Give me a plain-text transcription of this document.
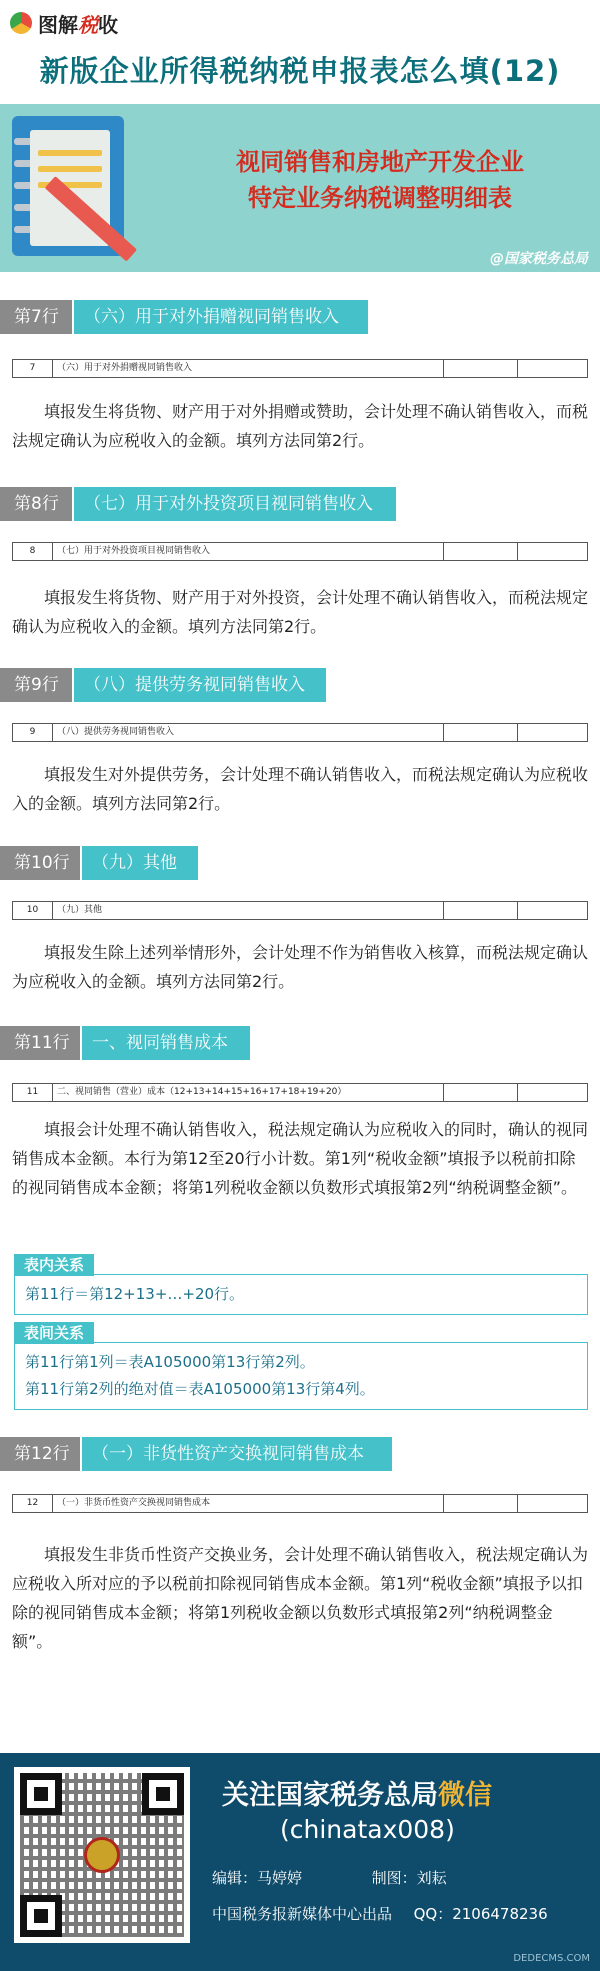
图解税收
新版企业所得税纳税申报表怎么填(12)
视同销售和房地产开发企业
特定业务纳税调整明细表
@国家税务总局
第7行	（六）用于对外捐赠视同销售收入
7	（六）用于对外捐赠视同销售收入
填报发生将货物、财产用于对外捐赠或赞助，会计处理不确认销售收入，而税法规定确认为应税收入的金额。填列方法同第2行。
第8行	（七）用于对外投资项目视同销售收入
8	（七）用于对外投资项目视同销售收入
填报发生将货物、财产用于对外投资，会计处理不确认销售收入，而税法规定确认为应税收入的金额。填列方法同第2行。
第9行	（八）提供劳务视同销售收入
9	（八）提供劳务视同销售收入
填报发生对外提供劳务，会计处理不确认销售收入，而税法规定确认为应税收入的金额。填列方法同第2行。
第10行	（九）其他
10	（九）其他
填报发生除上述列举情形外，会计处理不作为销售收入核算，而税法规定确认为应税收入的金额。填列方法同第2行。
第11行	一、视同销售成本
11	二、视同销售（营业）成本（12+13+14+15+16+17+18+19+20）
填报会计处理不确认销售收入，税法规定确认为应税收入的同时，确认的视同销售成本金额。本行为第12至20行小计数。第1列“税收金额”填报予以税前扣除的视同销售成本金额；将第1列税收金额以负数形式填报第2列“纳税调整金额”。
表内关系
第11行＝第12+13+…+20行。
表间关系
第11行第1列＝表A105000第13行第2列。
第11行第2列的绝对值＝表A105000第13行第4列。
第12行	（一）非货性资产交换视同销售成本
12	（一）非货币性资产交换视同销售成本
填报发生非货币性资产交换业务，会计处理不确认销售收入，税法规定确认为应税收入所对应的予以税前扣除视同销售成本金额。第1列“税收金额”填报予以扣除的视同销售成本金额；将第1列税收金额以负数形式填报第2列“纳税调整金额”。
关注国家税务总局微信
(chinatax008)
编辑：马婷婷	制图：刘耘
中国税务报新媒体中心出品 QQ：2106478236
DEDECMS.COM
